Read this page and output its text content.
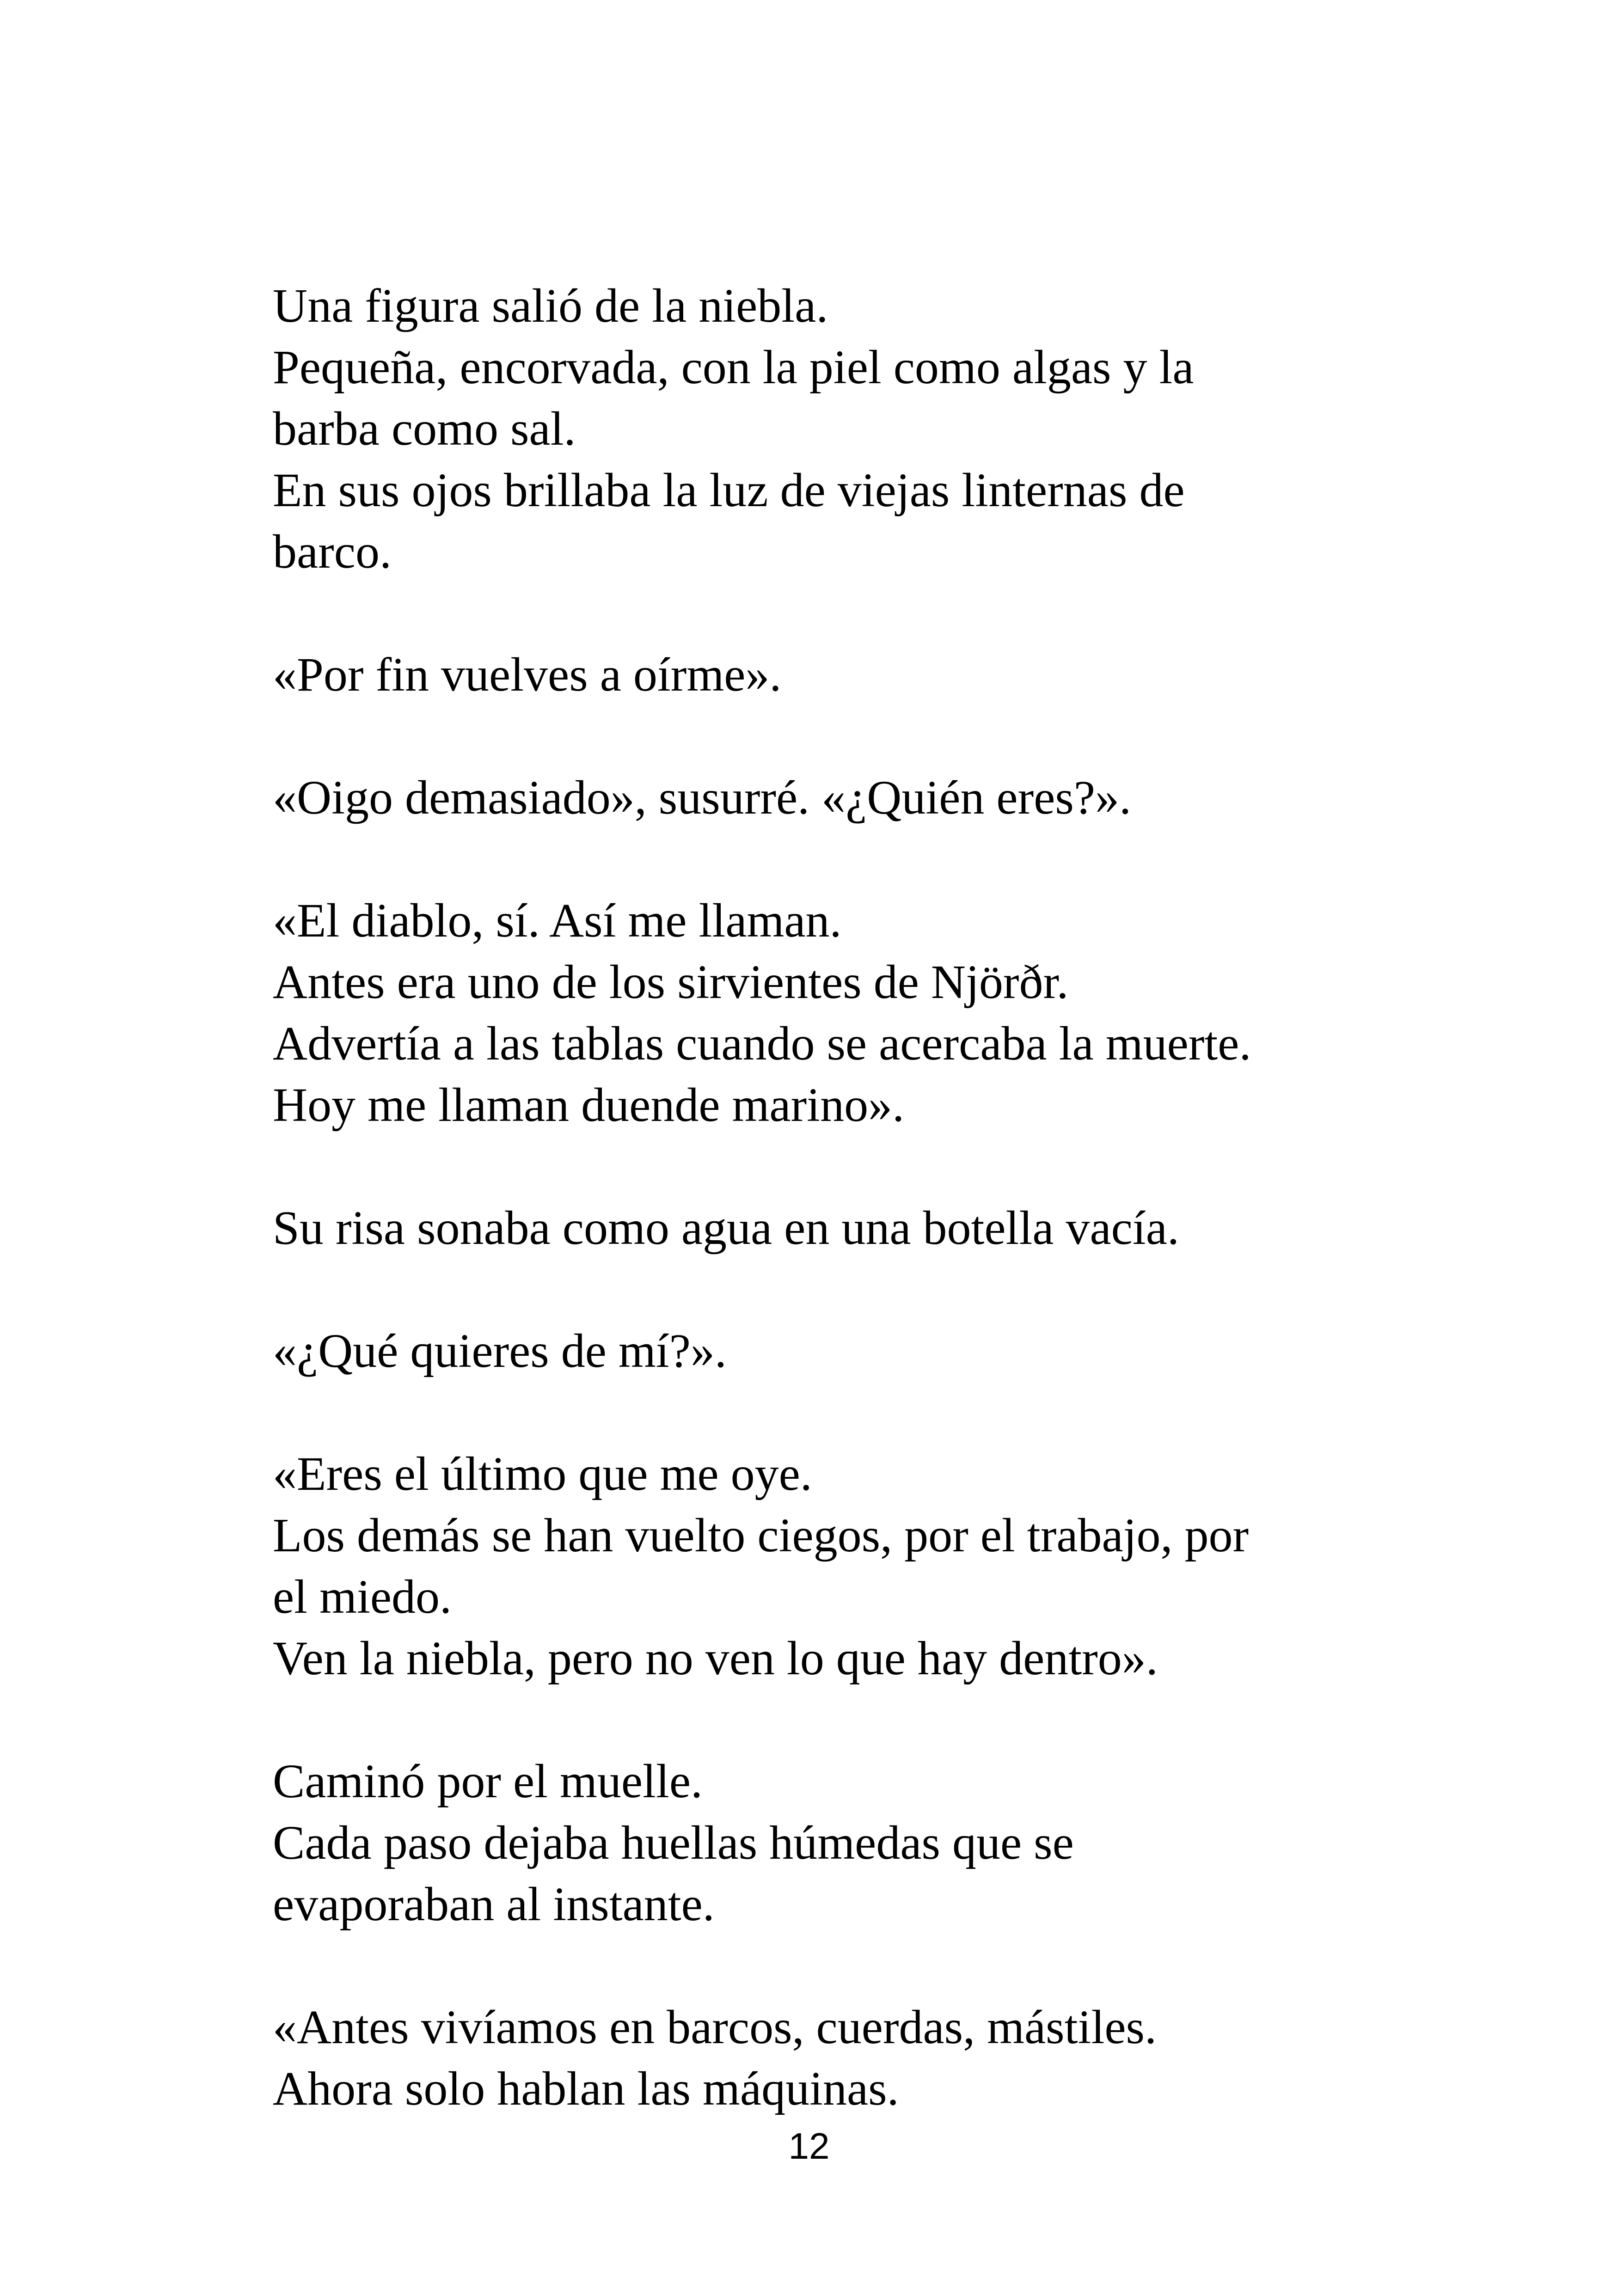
Una figura salió de la niebla.
Pequeña, encorvada, con la piel como algas y la
barba como sal.
En sus ojos brillaba la luz de viejas linternas de
barco.

«Por fin vuelves a oírme».

«Oigo demasiado», susurré. «¿Quién eres?».

«El diablo, sí. Así me llaman.
Antes era uno de los sirvientes de Njörðr.
Advertía a las tablas cuando se acercaba la muerte.
Hoy me llaman duende marino».

Su risa sonaba como agua en una botella vacía.

«¿Qué quieres de mí?».

«Eres el último que me oye.
Los demás se han vuelto ciegos, por el trabajo, por
el miedo.
Ven la niebla, pero no ven lo que hay dentro».

Caminó por el muelle.
Cada paso dejaba huellas húmedas que se
evaporaban al instante.

«Antes vivíamos en barcos, cuerdas, mástiles.
Ahora solo hablan las máquinas.

12
